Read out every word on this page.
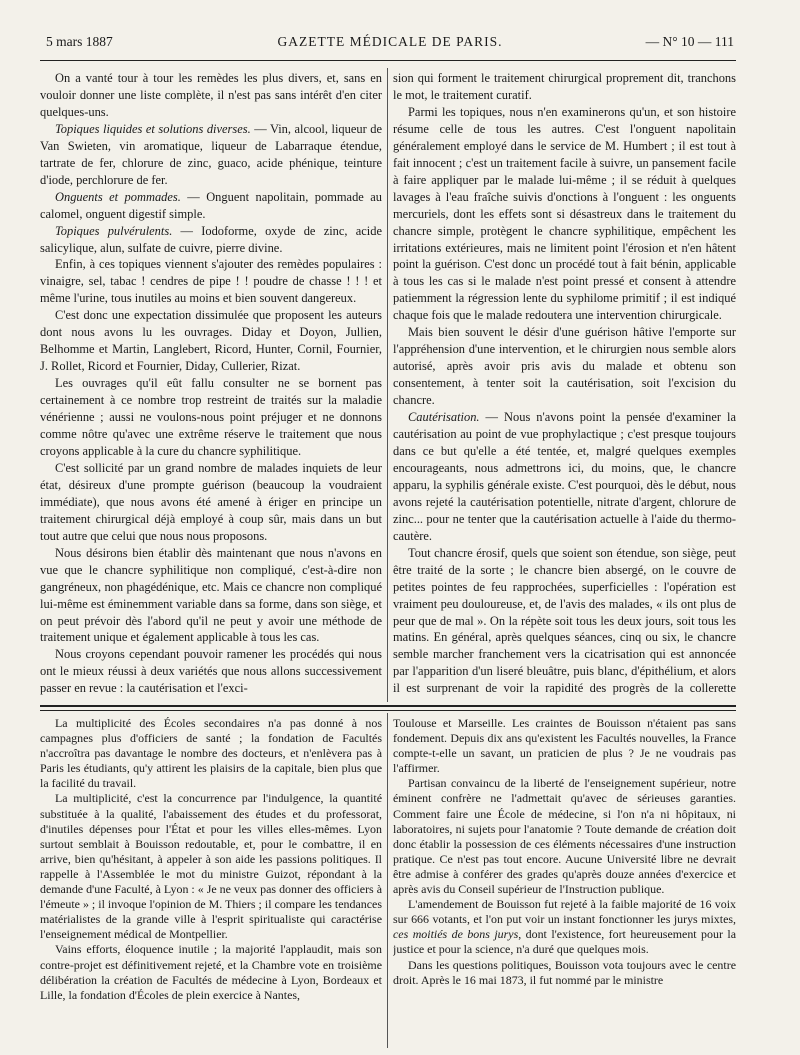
5 mars 1887	GAZETTE MÉDICALE DE PARIS.	— N° 10 — 111

On a vanté tour à tour les remèdes les plus divers, et, sans en vouloir donner une liste complète, il n'est pas sans intérêt d'en citer quelques-uns.

Topiques liquides et solutions diverses. — Vin, alcool, liqueur de Van Swieten, vin aromatique, liqueur de Labarraque étendue, tartrate de fer, chlorure de zinc, guaco, acide phénique, teinture d'iode, perchlorure de fer.

Onguents et pommades. — Onguent napolitain, pommade au calomel, onguent digestif simple.

Topiques pulvérulents. — Iodoforme, oxyde de zinc, acide salicylique, alun, sulfate de cuivre, pierre divine.

Enfin, à ces topiques viennent s'ajouter des remèdes populaires : vinaigre, sel, tabac ! cendres de pipe ! ! poudre de chasse ! ! ! et même l'urine, tous inutiles au moins et bien souvent dangereux.

C'est donc une expectation dissimulée que proposent les auteurs dont nous avons lu les ouvrages. Diday et Doyon, Jullien, Belhomme et Martin, Langlebert, Ricord, Hunter, Cornil, Fournier, J. Rollet, Ricord et Fournier, Diday, Cullerier, Rizat.

Les ouvrages qu'il eût fallu consulter ne se bornent pas certainement à ce nombre trop restreint de traités sur la maladie vénérienne ; aussi ne voulons-nous point préjuger et ne donnons comme nôtre qu'avec une extrême réserve le traitement que nous croyons applicable à la cure du chancre syphilitique.

C'est sollicité par un grand nombre de malades inquiets de leur état, désireux d'une prompte guérison (beaucoup la voudraient immédiate), que nous avons été amené à ériger en principe un traitement chirurgical déjà employé à coup sûr, mais dans un but tout autre que celui que nous nous proposons.

Nous désirons bien établir dès maintenant que nous n'avons en vue que le chancre syphilitique non compliqué, c'est-à-dire non gangréneux, non phagédénique, etc. Mais ce chancre non compliqué lui-même est éminemment variable dans sa forme, dans son siège, et on peut prévoir dès l'abord qu'il ne peut y avoir une méthode de traitement unique et également applicable à tous les cas.

Nous croyons cependant pouvoir ramener les procédés qui nous ont le mieux réussi à deux variétés que nous allons successivement passer en revue : la cautérisation et l'exci-

sion qui forment le traitement chirurgical proprement dit, tranchons le mot, le traitement curatif.

Parmi les topiques, nous n'en examinerons qu'un, et son histoire résume celle de tous les autres. C'est l'onguent napolitain généralement employé dans le service de M. Humbert ; il est tout à fait innocent ; c'est un traitement facile à suivre, un pansement facile à faire appliquer par le malade lui-même ; il se réduit à quelques lavages à l'eau fraîche suivis d'onctions à l'onguent : les onguents mercuriels, dont les effets sont si désastreux dans le traitement du chancre simple, protègent le chancre syphilitique, empêchent les irritations extérieures, mais ne limitent point l'érosion et n'en hâtent point la guérison. C'est donc un procédé tout à fait bénin, applicable à tous les cas si le malade n'est point pressé et consent à attendre patiemment la régression lente du syphilome primitif ; il est indiqué chaque fois que le malade redoutera une intervention chirurgicale.

Mais bien souvent le désir d'une guérison hâtive l'emporte sur l'appréhension d'une intervention, et le chirurgien nous semble alors autorisé, après avoir pris avis du malade et obtenu son consentement, à tenter soit la cautérisation, soit l'excision du chancre.

Cautérisation. — Nous n'avons point la pensée d'examiner la cautérisation au point de vue prophylactique ; c'est presque toujours dans ce but qu'elle a été tentée, et, malgré quelques exemples encourageants, nous admettrons ici, du moins, que, le chancre apparu, la syphilis générale existe. C'est pourquoi, dès le début, nous avons rejeté la cautérisation potentielle, nitrate d'argent, chlorure de zinc... pour ne tenter que la cautérisation actuelle à l'aide du thermo-cautère.

Tout chancre érosif, quels que soient son étendue, son siège, peut être traité de la sorte ; le chancre bien absergé, on le couvre de petites pointes de feu rapprochées, superficielles : l'opération est vraiment peu douloureuse, et, de l'avis des malades, « ils ont plus de peur que de mal ». On la répète soit tous les deux jours, soit tous les matins. En général, après quelques séances, cinq ou six, le chancre semble marcher franchement vers la cicatrisation qui est annoncée par l'apparition d'un liseré bleuâtre, puis blanc, d'épithélium, et alors il est surprenant de voir la rapidité des progrès de la collerette

La multiplicité des Écoles secondaires n'a pas donné à nos campagnes plus d'officiers de santé ; la fondation de Facultés n'accroîtra pas davantage le nombre des docteurs, et n'enlèvera pas à Paris les étudiants, qu'y attirent les plaisirs de la capitale, bien plus que la facilité du travail.

La multiplicité, c'est la concurrence par l'indulgence, la quantité substituée à la qualité, l'abaissement des études et du professorat, d'inutiles dépenses pour l'État et pour les villes elles-mêmes. Lyon surtout semblait à Bouisson redoutable, et, pour le combattre, il en arrive, bien qu'hésitant, à appeler à son aide les passions politiques. Il rappelle à l'Assemblée le mot du ministre Guizot, répondant à la demande d'une Faculté, à Lyon : « Je ne veux pas donner des officiers à l'émeute » ; il invoque l'opinion de M. Thiers ; il compare les tendances matérialistes de la grande ville à l'esprit spiritualiste qui caractérise l'enseignement médical de Montpellier.

Vains efforts, éloquence inutile ; la majorité l'applaudit, mais son contre-projet est définitivement rejeté, et la Chambre vote en troisième délibération la création de Facultés de médecine à Lyon, Bordeaux et Lille, la fondation d'Écoles de plein exercice à Nantes,

Toulouse et Marseille. Les craintes de Bouisson n'étaient pas sans fondement. Depuis dix ans qu'existent les Facultés nouvelles, la France compte-t-elle un savant, un praticien de plus ? Je ne voudrais pas l'affirmer.

Partisan convaincu de la liberté de l'enseignement supérieur, notre éminent confrère ne l'admettait qu'avec de sérieuses garanties. Comment faire une École de médecine, si l'on n'a ni hôpitaux, ni laboratoires, ni sujets pour l'anatomie ? Toute demande de création doit donc établir la possession de ces éléments nécessaires d'une instruction pratique. Ce n'est pas tout encore. Aucune Université libre ne devrait être admise à conférer des grades qu'après douze années d'exercice et après avis du Conseil supérieur de l'Instruction publique.

L'amendement de Bouisson fut rejeté à la faible majorité de 16 voix sur 666 votants, et l'on put voir un instant fonctionner les jurys mixtes, ces moitiés de bons jurys, dont l'existence, fort heureusement pour la justice et pour la science, n'a duré que quelques mois.

Dans les questions politiques, Bouisson vota toujours avec le centre droit. Après le 16 mai 1873, il fut nommé par le ministre
